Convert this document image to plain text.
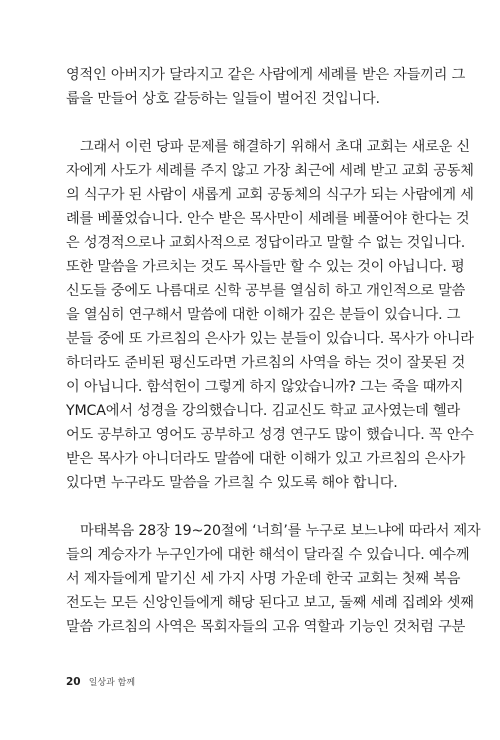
영적인 아버지가 달라지고 같은 사람에게 세례를 받은 자들끼리 그
룹을 만들어 상호 갈등하는 일들이 벌어진 것입니다.
그래서 이런 당파 문제를 해결하기 위해서 초대 교회는 새로운 신
자에게 사도가 세례를 주지 않고 가장 최근에 세례 받고 교회 공동체
의 식구가 된 사람이 새롭게 교회 공동체의 식구가 되는 사람에게 세
례를 베풀었습니다. 안수 받은 목사만이 세례를 베풀어야 한다는 것
은 성경적으로나 교회사적으로 정답이라고 말할 수 없는 것입니다.
또한 말씀을 가르치는 것도 목사들만 할 수 있는 것이 아닙니다. 평
신도들 중에도 나름대로 신학 공부를 열심히 하고 개인적으로 말씀
을 열심히 연구해서 말씀에 대한 이해가 깊은 분들이 있습니다. 그
분들 중에 또 가르침의 은사가 있는 분들이 있습니다. 목사가 아니라
하더라도 준비된 평신도라면 가르침의 사역을 하는 것이 잘못된 것
이 아닙니다. 함석헌이 그렇게 하지 않았습니까? 그는 죽을 때까지
YMCA에서 성경을 강의했습니다. 김교신도 학교 교사였는데 헬라
어도 공부하고 영어도 공부하고 성경 연구도 많이 했습니다. 꼭 안수
받은 목사가 아니더라도 말씀에 대한 이해가 있고 가르침의 은사가
있다면 누구라도 말씀을 가르칠 수 있도록 해야 합니다.
마태복음 28장 19~20절에 ‘너희’를 누구로 보느냐에 따라서 제자
들의 계승자가 누구인가에 대한 해석이 달라질 수 있습니다. 예수께
서 제자들에게 맡기신 세 가지 사명 가운데 한국 교회는 첫째 복음
전도는 모든 신앙인들에게 해당 된다고 보고, 둘째 세례 집례와 셋째
말씀 가르침의 사역은 목회자들의 고유 역할과 기능인 것처럼 구분
20 일상과 함께
